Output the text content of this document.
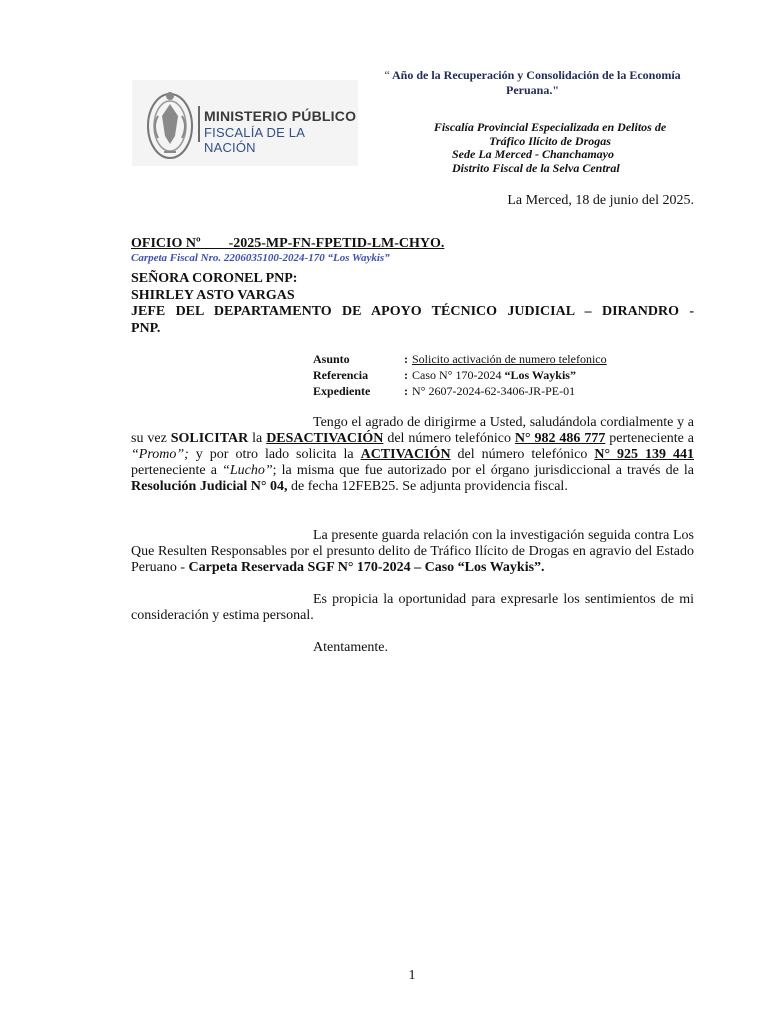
MINISTERIO PÚBLICO
FISCALÍA DE LA NACIÓN
“ Año de la Recuperación y Consolidación de la Economía Peruana."
Fiscalía Provincial Especializada en Delitos de
Tráfico Ilícito de Drogas
Sede La Merced - Chanchamayo
Distrito Fiscal de la Selva Central
La Merced, 18 de junio del 2025.
OFICIO Nº        -2025-MP-FN-FPETID-LM-CHYO.
Carpeta Fiscal Nro. 2206035100-2024-170 “Los Waykis”
SEÑORA CORONEL PNP:
SHIRLEY ASTO VARGAS
JEFE DEL DEPARTAMENTO DE APOYO TÉCNICO JUDICIAL – DIRANDRO -
PNP.
Asunto	: Solicito activación de numero telefonico
Referencia	: Caso N° 170-2024 “Los Waykis”
Expediente	: N° 2607-2024-62-3406-JR-PE-01
Tengo el agrado de dirigirme a Usted, saludándola cordialmente y a su vez SOLICITAR la DESACTIVACIÓN del número telefónico N° 982 486 777 perteneciente a “Promo”; y por otro lado solicita la ACTIVACIÓN del número telefónico N° 925 139 441 perteneciente a “Lucho”; la misma que fue autorizado por el órgano jurisdiccional a través de la Resolución Judicial N° 04, de fecha 12FEB25. Se adjunta providencia fiscal.
La presente guarda relación con la investigación seguida contra Los Que Resulten Responsables por el presunto delito de Tráfico Ilícito de Drogas en agravio del Estado Peruano - Carpeta Reservada SGF N° 170-2024 – Caso “Los Waykis”.
Es propicia la oportunidad para expresarle los sentimientos de mi consideración y estima personal.
Atentamente.
1
